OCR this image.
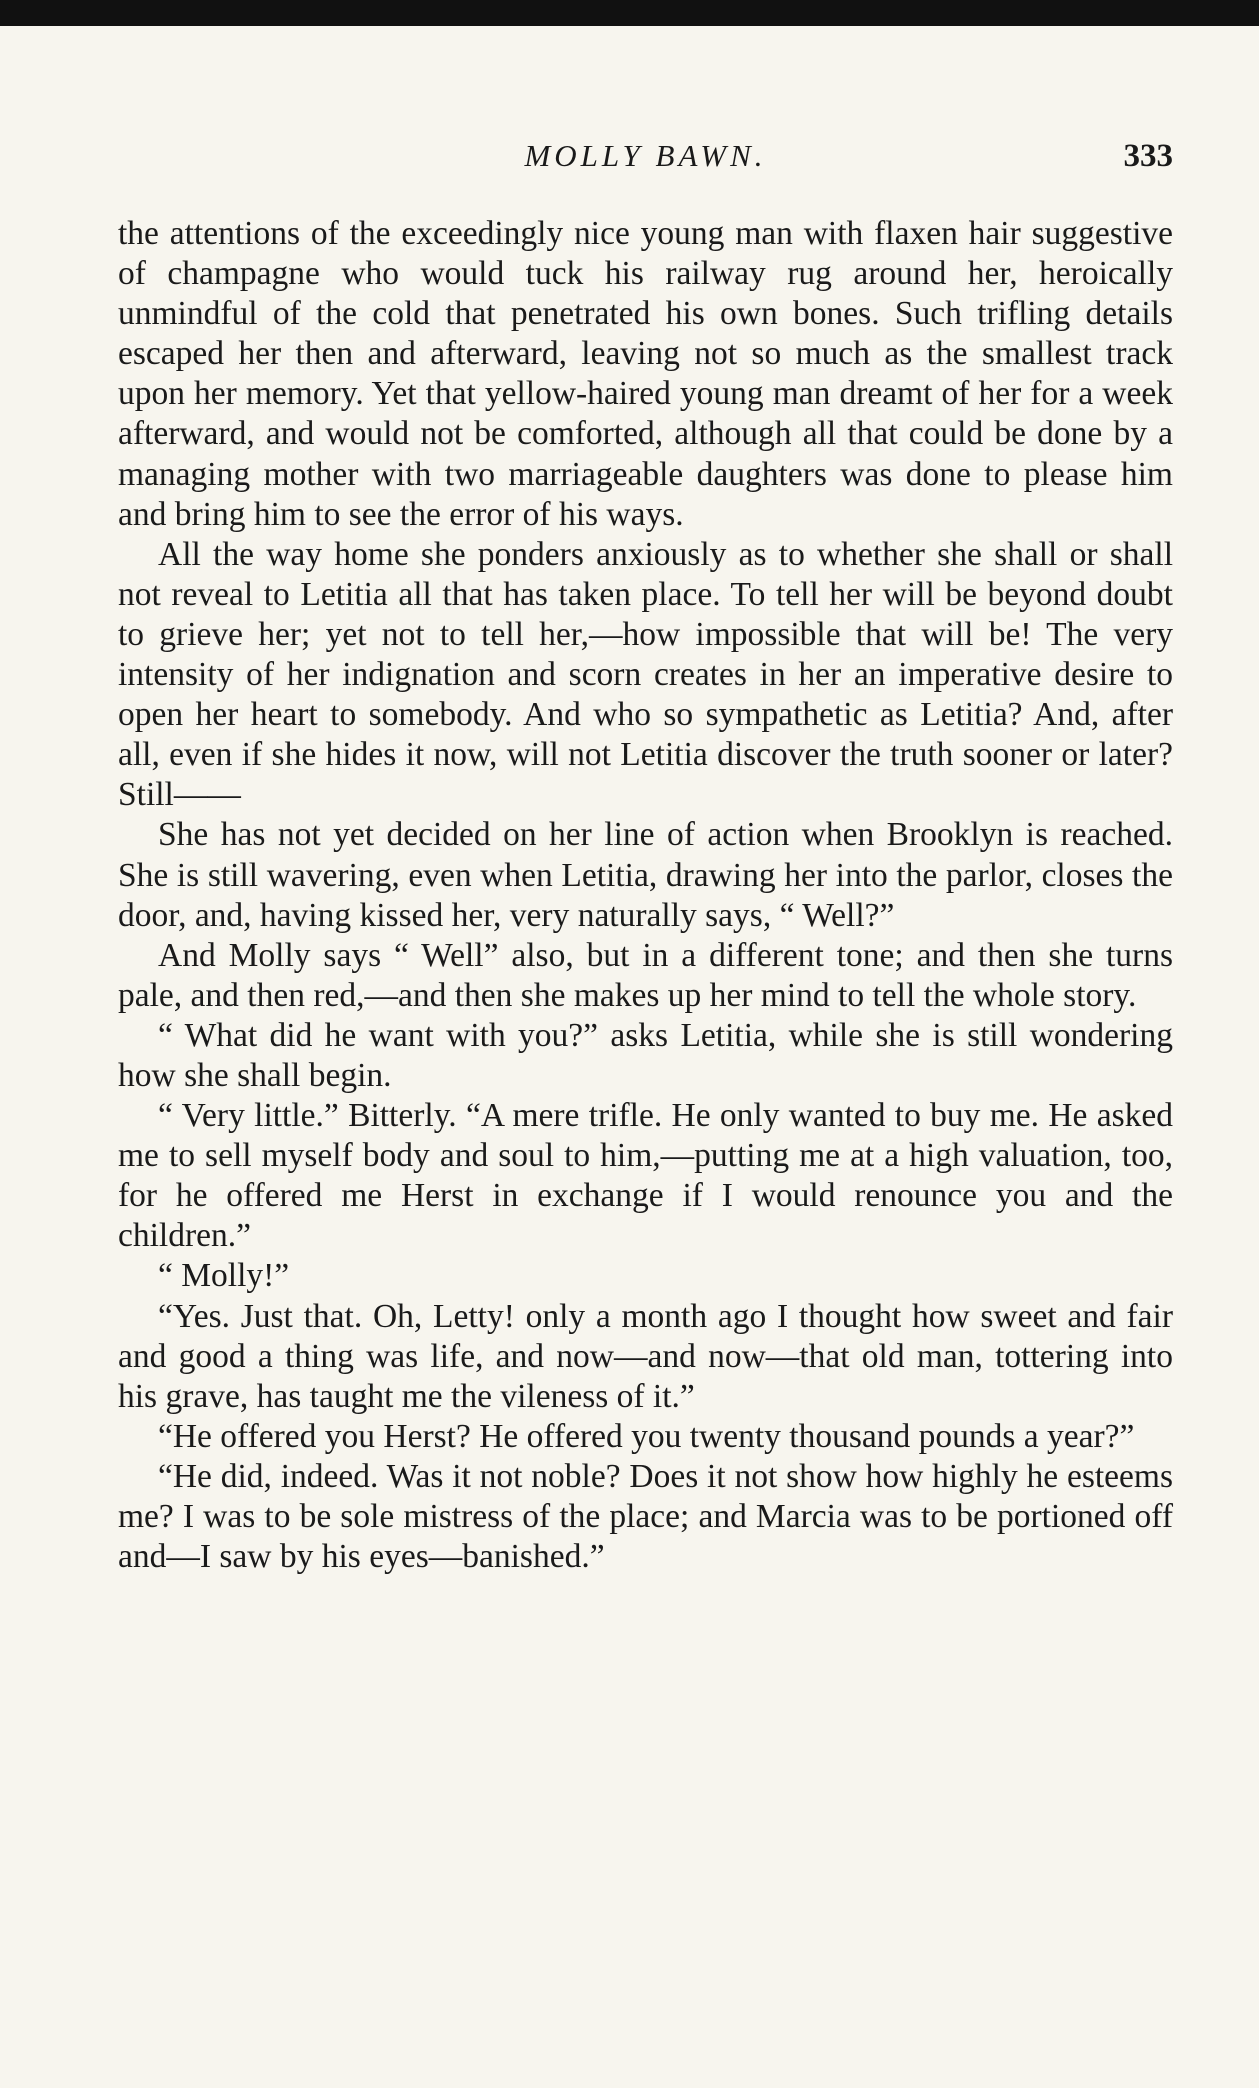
MOLLY BAWN.	333

the attentions of the exceedingly nice young man with flaxen hair suggestive of champagne who would tuck his railway rug around her, heroically unmindful of the cold that penetrated his own bones. Such trifling details escaped her then and afterward, leaving not so much as the smallest track upon her memory. Yet that yellow-haired young man dreamt of her for a week afterward, and would not be comforted, although all that could be done by a managing mother with two marriageable daughters was done to please him and bring him to see the error of his ways.

All the way home she ponders anxiously as to whether she shall or shall not reveal to Letitia all that has taken place. To tell her will be beyond doubt to grieve her; yet not to tell her,—how impossible that will be! The very intensity of her indignation and scorn creates in her an imperative desire to open her heart to somebody. And who so sympathetic as Letitia? And, after all, even if she hides it now, will not Letitia discover the truth sooner or later? Still——

She has not yet decided on her line of action when Brooklyn is reached. She is still wavering, even when Letitia, drawing her into the parlor, closes the door, and, having kissed her, very naturally says, “ Well?”

And Molly says “ Well” also, but in a different tone; and then she turns pale, and then red,—and then she makes up her mind to tell the whole story.

“ What did he want with you?” asks Letitia, while she is still wondering how she shall begin.

“ Very little.” Bitterly. “A mere trifle. He only wanted to buy me. He asked me to sell myself body and soul to him,—putting me at a high valuation, too, for he offered me Herst in exchange if I would renounce you and the children.”

“ Molly!”

“Yes. Just that. Oh, Letty! only a month ago I thought how sweet and fair and good a thing was life, and now—and now—that old man, tottering into his grave, has taught me the vileness of it.”

“He offered you Herst? He offered you twenty thousand pounds a year?”

“He did, indeed. Was it not noble? Does it not show how highly he esteems me? I was to be sole mistress of the place; and Marcia was to be portioned off and—I saw by his eyes—banished.”
